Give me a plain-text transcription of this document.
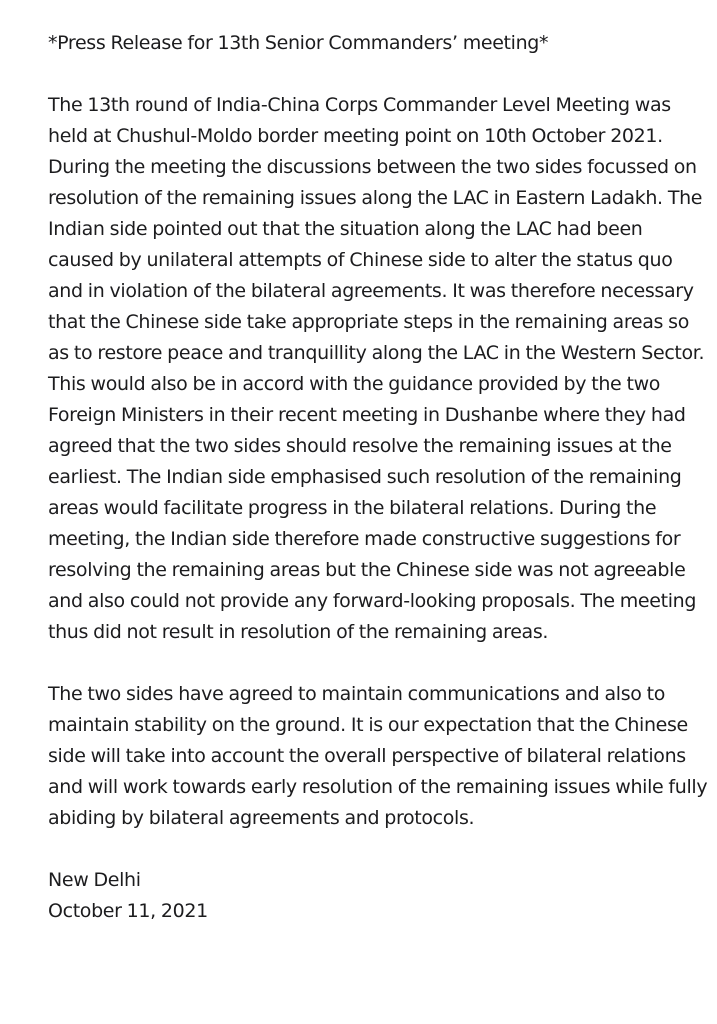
*Press Release for 13th Senior Commanders’ meeting*

The 13th round of India-China Corps Commander Level Meeting was held at Chushul-Moldo border meeting point on 10th October 2021. During the meeting the discussions between the two sides focussed on resolution of the remaining issues along the LAC in Eastern Ladakh. The Indian side pointed out that the situation along the LAC had been caused by unilateral attempts of Chinese side to alter the status quo and in violation of the bilateral agreements. It was therefore necessary that the Chinese side take appropriate steps in the remaining areas so as to restore peace and tranquillity along the LAC in the Western Sector. This would also be in accord with the guidance provided by the two Foreign Ministers in their recent meeting in Dushanbe where they had agreed that the two sides should resolve the remaining issues at the earliest. The Indian side emphasised such resolution of the remaining areas would facilitate progress in the bilateral relations. During the meeting, the Indian side therefore made constructive suggestions for resolving the remaining areas but the Chinese side was not agreeable and also could not provide any forward-looking proposals. The meeting thus did not result in resolution of the remaining areas.

The two sides have agreed to maintain communications and also to maintain stability on the ground. It is our expectation that the Chinese side will take into account the overall perspective of bilateral relations and will work towards early resolution of the remaining issues while fully abiding by bilateral agreements and protocols.

New Delhi
October 11, 2021
